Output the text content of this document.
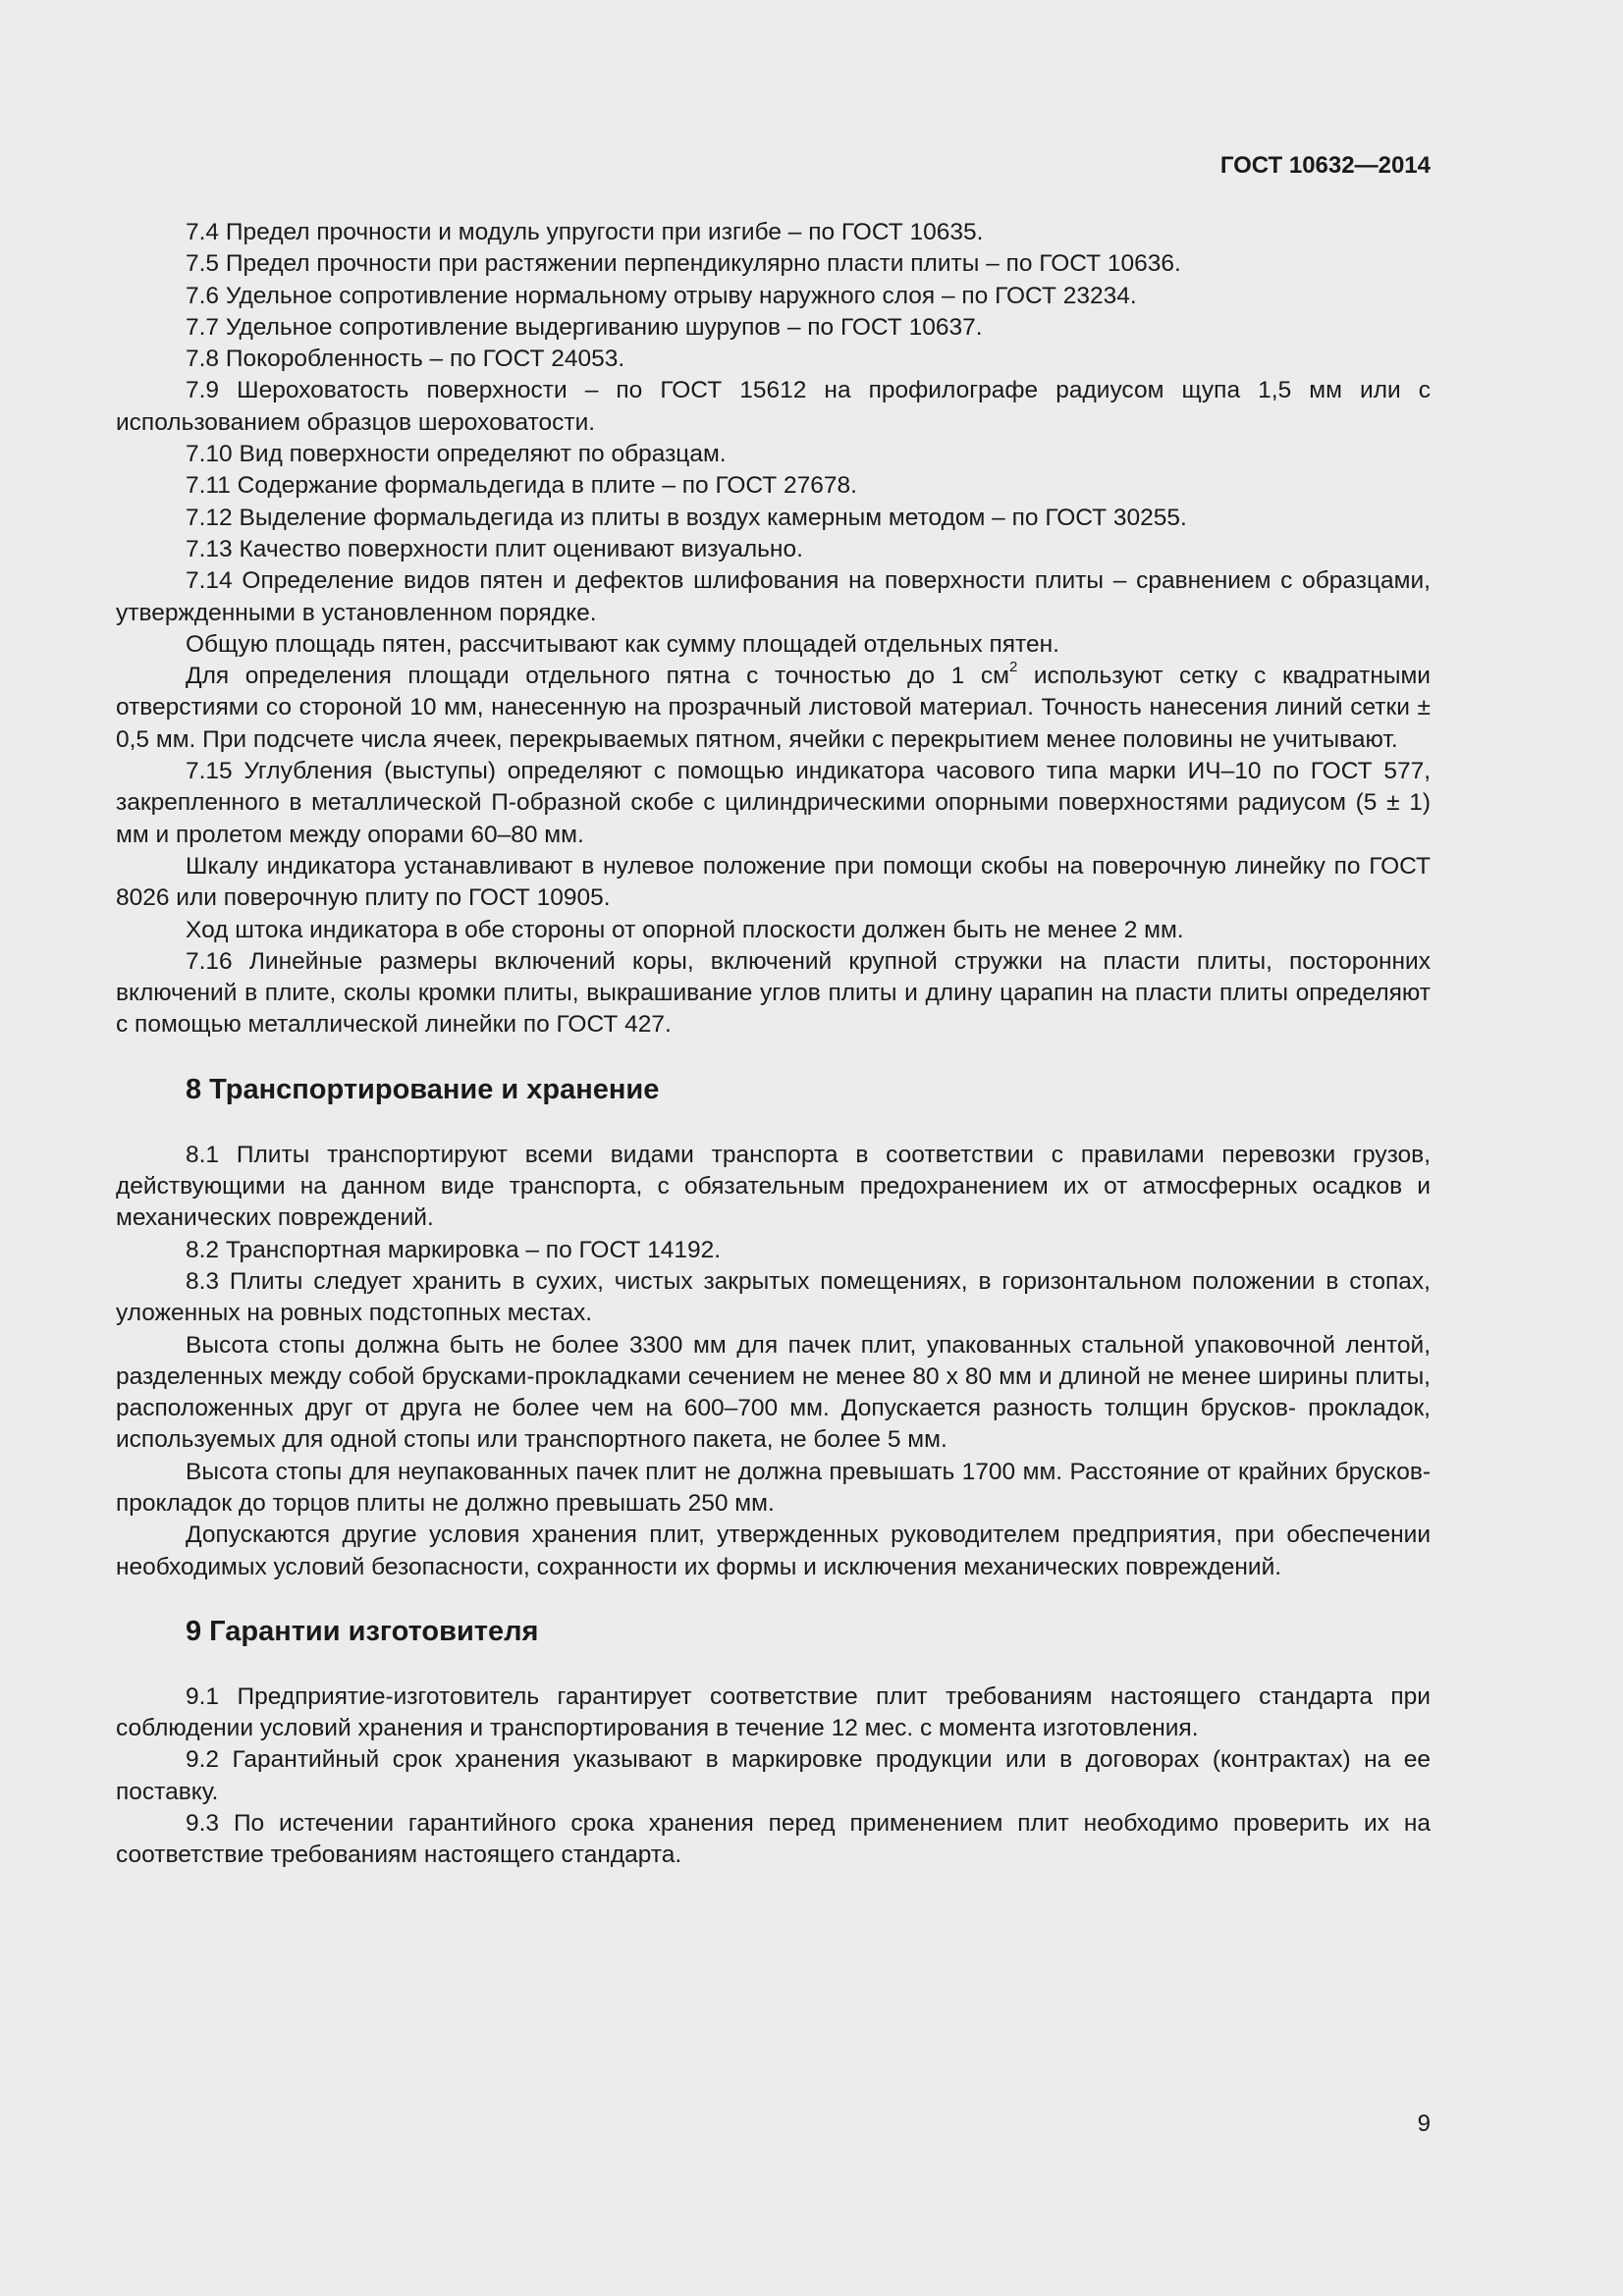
ГОСТ 10632—2014

7.4 Предел прочности и модуль упругости при изгибе – по ГОСТ 10635.

7.5 Предел прочности при растяжении перпендикулярно пласти плиты – по ГОСТ 10636.

7.6 Удельное сопротивление нормальному отрыву наружного слоя – по ГОСТ 23234.

7.7 Удельное сопротивление выдергиванию шурупов – по ГОСТ 10637.

7.8 Покоробленность – по ГОСТ 24053.

7.9 Шероховатость поверхности – по ГОСТ 15612 на профилографе радиусом щупа 1,5 мм или с использованием образцов шероховатости.

7.10 Вид поверхности определяют по образцам.

7.11 Содержание формальдегида в плите – по ГОСТ 27678.

7.12 Выделение формальдегида из плиты в воздух камерным методом – по ГОСТ 30255.

7.13 Качество поверхности плит оценивают визуально.

7.14 Определение видов пятен и дефектов шлифования на поверхности плиты – сравнением с образцами, утвержденными в установленном порядке.

Общую площадь пятен, рассчитывают как сумму площадей отдельных пятен.

Для определения площади отдельного пятна с точностью до 1 $см^2$ используют сетку с квадратными отверстиями со стороной 10 мм, нанесенную на прозрачный листовой материал. Точность нанесения линий сетки ± 0,5 мм. При подсчете числа ячеек, перекрываемых пятном, ячейки с перекрытием менее половины не учитывают.

7.15 Углубления (выступы) определяют с помощью индикатора часового типа марки ИЧ–10 по ГОСТ 577, закрепленного в металлической П-образной скобе с цилиндрическими опорными поверхностями радиусом (5 ± 1) мм и пролетом между опорами 60–80 мм.

Шкалу индикатора устанавливают в нулевое положение при помощи скобы на поверочную линейку по ГОСТ 8026 или поверочную плиту по ГОСТ 10905.

Ход штока индикатора в обе стороны от опорной плоскости должен быть не менее 2 мм.

7.16 Линейные размеры включений коры, включений крупной стружки на пласти плиты, посторонних включений в плите, сколы кромки плиты, выкрашивание углов плиты и длину царапин на пласти плиты определяют с помощью металлической линейки по ГОСТ 427.

8 Транспортирование и хранение

8.1 Плиты транспортируют всеми видами транспорта в соответствии с правилами перевозки грузов, действующими на данном виде транспорта, с обязательным предохранением их от атмосферных осадков и механических повреждений.

8.2 Транспортная маркировка – по ГОСТ 14192.

8.3 Плиты следует хранить в сухих, чистых закрытых помещениях, в горизонтальном положении в стопах, уложенных на ровных подстопных местах.

Высота стопы должна быть не более 3300 мм для пачек плит, упакованных стальной упаковочной лентой, разделенных между собой брусками-прокладками сечением не менее 80 х 80 мм и длиной не менее ширины плиты, расположенных друг от друга не более чем на 600–700 мм. Допускается разность толщин брусков- прокладок, используемых для одной стопы или транспортного пакета, не более 5 мм.

Высота стопы для неупакованных пачек плит не должна превышать 1700 мм. Расстояние от крайних брусков-прокладок до торцов плиты не должно превышать 250 мм.

Допускаются другие условия хранения плит, утвержденных руководителем предприятия, при обеспечении необходимых условий безопасности, сохранности их формы и исключения механических повреждений.

9 Гарантии изготовителя

9.1 Предприятие-изготовитель гарантирует соответствие плит требованиям настоящего стандарта при соблюдении условий хранения и транспортирования в течение 12 мес. с момента изготовления.

9.2 Гарантийный срок хранения указывают в маркировке продукции или в договорах (контрактах) на ее поставку.

9.3 По истечении гарантийного срока хранения перед применением плит необходимо проверить их на соответствие требованиям настоящего стандарта.

9
